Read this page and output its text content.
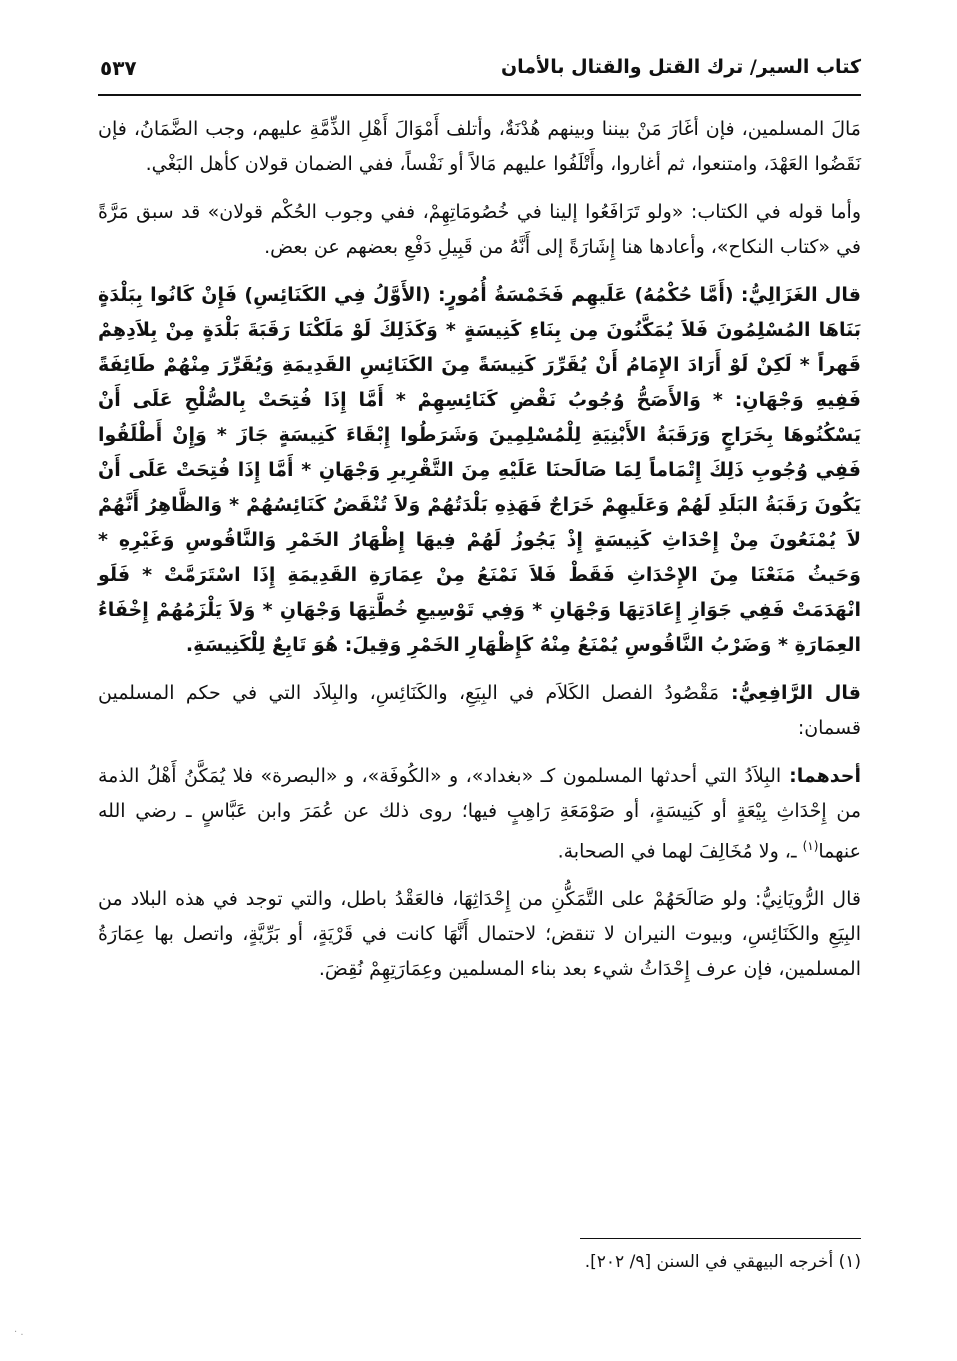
كتاب السير/ ترك القتل والقتال بالأمان
٥٣٧

مَالَ المسلمين، فإن أغَارَ مَنْ بيننا وبينهم هُدْنَةٌ، وأتلف أَمْوَالَ أَهْلِ الذِّمَّةِ عليهم، وجب الضَّمَانُ، فإن نَقَضُوا العَهْدَ، وامتنعوا، ثم أغاروا، وأَتْلَفُوا عليهم مَالاً أو نَفْساً، ففي الضمان قولان كأهل البَغْي.

وأما قوله في الكتاب: «ولو تَرَافَعُوا إلينا في خُصُومَاتِهِمْ، ففي وجوب الحُكْم قولان» قد سبق مَرَّةً في «كتاب النكاح»، وأعادها هنا إِشَارَةً إلى أَنَّهُ من قَبِيلِ دَفْعِ بعضهم عن بعض.

قال الغَزَالِيُّ: (أَمَّا حُكْمُهُ) عَلَيهِم فَخَمْسَةُ أُمُورٍ: (الأَوَّلُ فِي الكَنَائِسِ) فَإِنْ كَانُوا بِبَلْدَةٍ بَنَاهَا المُسْلِمُونَ فَلاَ يُمَكَّنُونَ مِن بِنَاءِ كَنِيسَةٍ * وَكَذَلِكَ لَوْ مَلَكْنَا رَقَبَةَ بَلْدَةٍ مِنْ بِلاَدِهِمْ قَهراً * لَكِنْ لَوْ أَرَادَ الإِمَامُ أَنْ يُقَرِّرَ كَنِيسَةً مِنَ الكَنَائِسِ القَدِيمَةِ وَيُقَرِّرَ مِنْهُمْ طَائِفَةً فَفِيهِ وَجْهَانِ: * وَالأَصَحُّ وُجُوبُ نَقْضِ كَنَائِسِهِمْ * أَمَّا إِذَا فُتِحَتْ بِالصُّلْحِ عَلَى أَنْ يَسْكُنُوهَا بِخَرَاجٍ وَرَقَبَةُ الأَبْنِيَةِ لِلْمُسْلِمِينَ وَشَرَطُوا إِبْقَاءَ كَنِيسَةٍ جَازَ * وَإِنْ أَطْلَقُوا فَفِي وُجُوبِ ذَلِكَ إِتْمَاماً لِمَا صَالَحنَا عَلَيْهِ مِنَ التَّقْرِيرِ وَجْهَانِ * أَمَّا إِذَا فُتِحَتْ عَلَى أَنْ يَكُونَ رَقَبَةُ البَلَدِ لَهُمْ وَعَلَيهِمْ خَرَاجٌ فَهَذِهِ بَلْدَتُهُمْ وَلاَ تُنْقَضُ كَنَائِسُهُمْ * وَالظَّاهِرُ أَنَّهُمْ لاَ يُمْنَعُونَ مِنْ إِحْدَاثِ كَنِيسَةٍ إِذْ يَجُوزُ لَهُمْ فِيهَا إِظْهَارُ الخَمْرِ وَالنَّاقُوسِ وَغَيْرِهِ * وَحَيثُ مَنَعْنَا مِنَ الإِحْدَاثِ فَقَطْ فَلاَ نَمْنَعُ مِنْ عِمَارَةِ القَدِيمَةِ إِذَا اسْتَرَمَّتْ * فَلَو انْهَدَمَتْ فَفِي جَوَازِ إِعَادَتِهَا وَجْهَانِ * وَفِي تَوْسِيعِ خُطَّتِهَا وَجْهَانِ * وَلاَ يَلْزَمُهُمْ إِخْفَاءُ العِمَارَةِ * وَضَرْبُ النَّاقُوسِ يُمْنَعُ مِنْهُ كَإِظْهَارِ الخَمْرِ وَقِيلَ: هُوَ تَابِعٌ لِلْكَنِيسَةِ.

قال الرَّافِعِيُّ: مَقْصُودُ الفصل الكَلاَم في البِيَعِ، والكَنَائِسِ، والبِلاَد التي في حكم المسلمين قسمان:

أحدهما: البِلاَدُ التي أحدثها المسلمون كـ «بغداد»، و «الكُوفَة»، و «البصرة» فلا يُمَكَّنُ أَهْلُ الذمة من إِحْدَاثِ بِيْعَةٍ أو كَنِيسَةٍ، أو صَوْمَعَةِ رَاهِبٍ فيها؛ روى ذلك عن عُمَرَ وابن عَبَّاسٍ ـ رضي الله عنهما$^{(١)}$ ـ، ولا مُخَالِفَ لهما في الصحابة.

قال الرُّويَانِيُّ: ولو صَالَحَهُمْ على التَّمَكُّنِ من إِحْدَاثِهَا، فالعَقْدُ باطل، والتي توجد في هذه البلاد من البِيَعِ والكَنَائِسِ، وبيوت النيران لا تنقض؛ لاحتمال أَنَّهَا كانت في قَرْيَةٍ، أو بَرِّيَّةٍ، واتصل بها عِمَارَةُ المسلمين، فإن عرف إِحْدَاثُ شيء بعد بناء المسلمين وعِمَارَتِهِمْ نُقِضَ.

(١) أخرجه البيهقي في السنن [٩/ ٢٠٢].
· .
